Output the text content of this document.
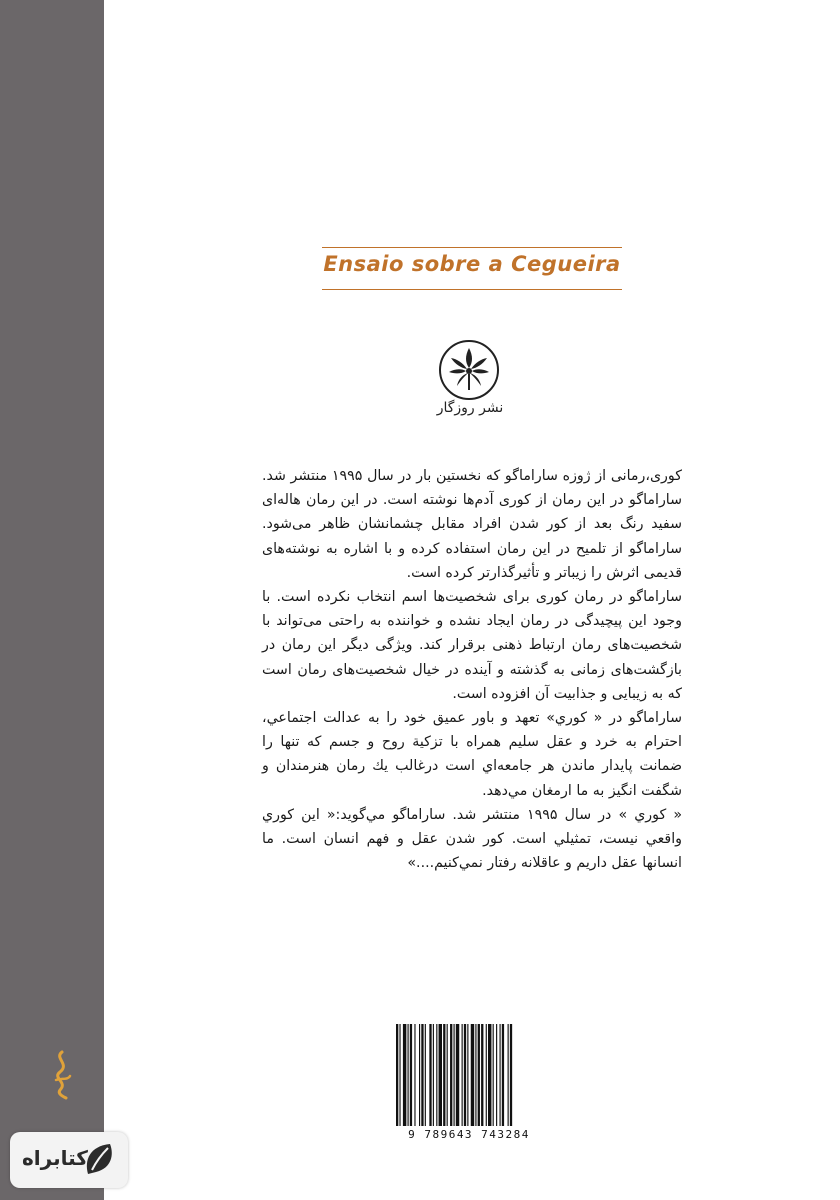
Ensaio sobre a Cegueira
نشر روزگار

کوری،رمانی از ژوزه ساراماگو که نخستین بار در سال ۱۹۹۵ منتشر شد. ساراماگو در این رمان از کوری آدم‌ها نوشته است. در این رمان هاله‌ای سفید رنگ بعد از کور شدن افراد مقابل چشمانشان ظاهر می‌شود. ساراماگو از تلمیح در این رمان استفاده کرده و با اشاره به نوشته‌های قدیمی اثرش را زیباتر و تأثیرگذارتر کرده است.

ساراماگو در رمان کوری برای شخصیت‌ها اسم انتخاب نکرده است. با وجود این پیچیدگی در رمان ایجاد نشده و خواننده به راحتی می‌تواند با شخصیت‌های رمان ارتباط ذهنی برقرار کند. ویژگی دیگر این رمان در بازگشت‌های زمانی به گذشته و آینده در خیال شخصیت‌های رمان است که به زیبایی و جذابیت آن افزوده است.

ساراماگو در « كوري» تعهد و باور عميق خود را به عدالت اجتماعي، احترام به خرد و عقل سليم همراه با تزكية روح و جسم كه تنها را ضمانت پايدار ماندن هر جامعه‌اي است درغالب يك رمان هنرمندان و شگفت انگيز به ما ارمغان مي‌دهد.

« كوري » در سال ۱۹۹۵ منتشر شد. ساراماگو مي‌گويد:« اين كوري واقعي نيست، تمثيلي است. كور شدن عقل و فهم انسان است. ما انسانها عقل داريم و عاقلانه رفتار نمي‌كنيم....»

9 789643 743284
کتابراه
